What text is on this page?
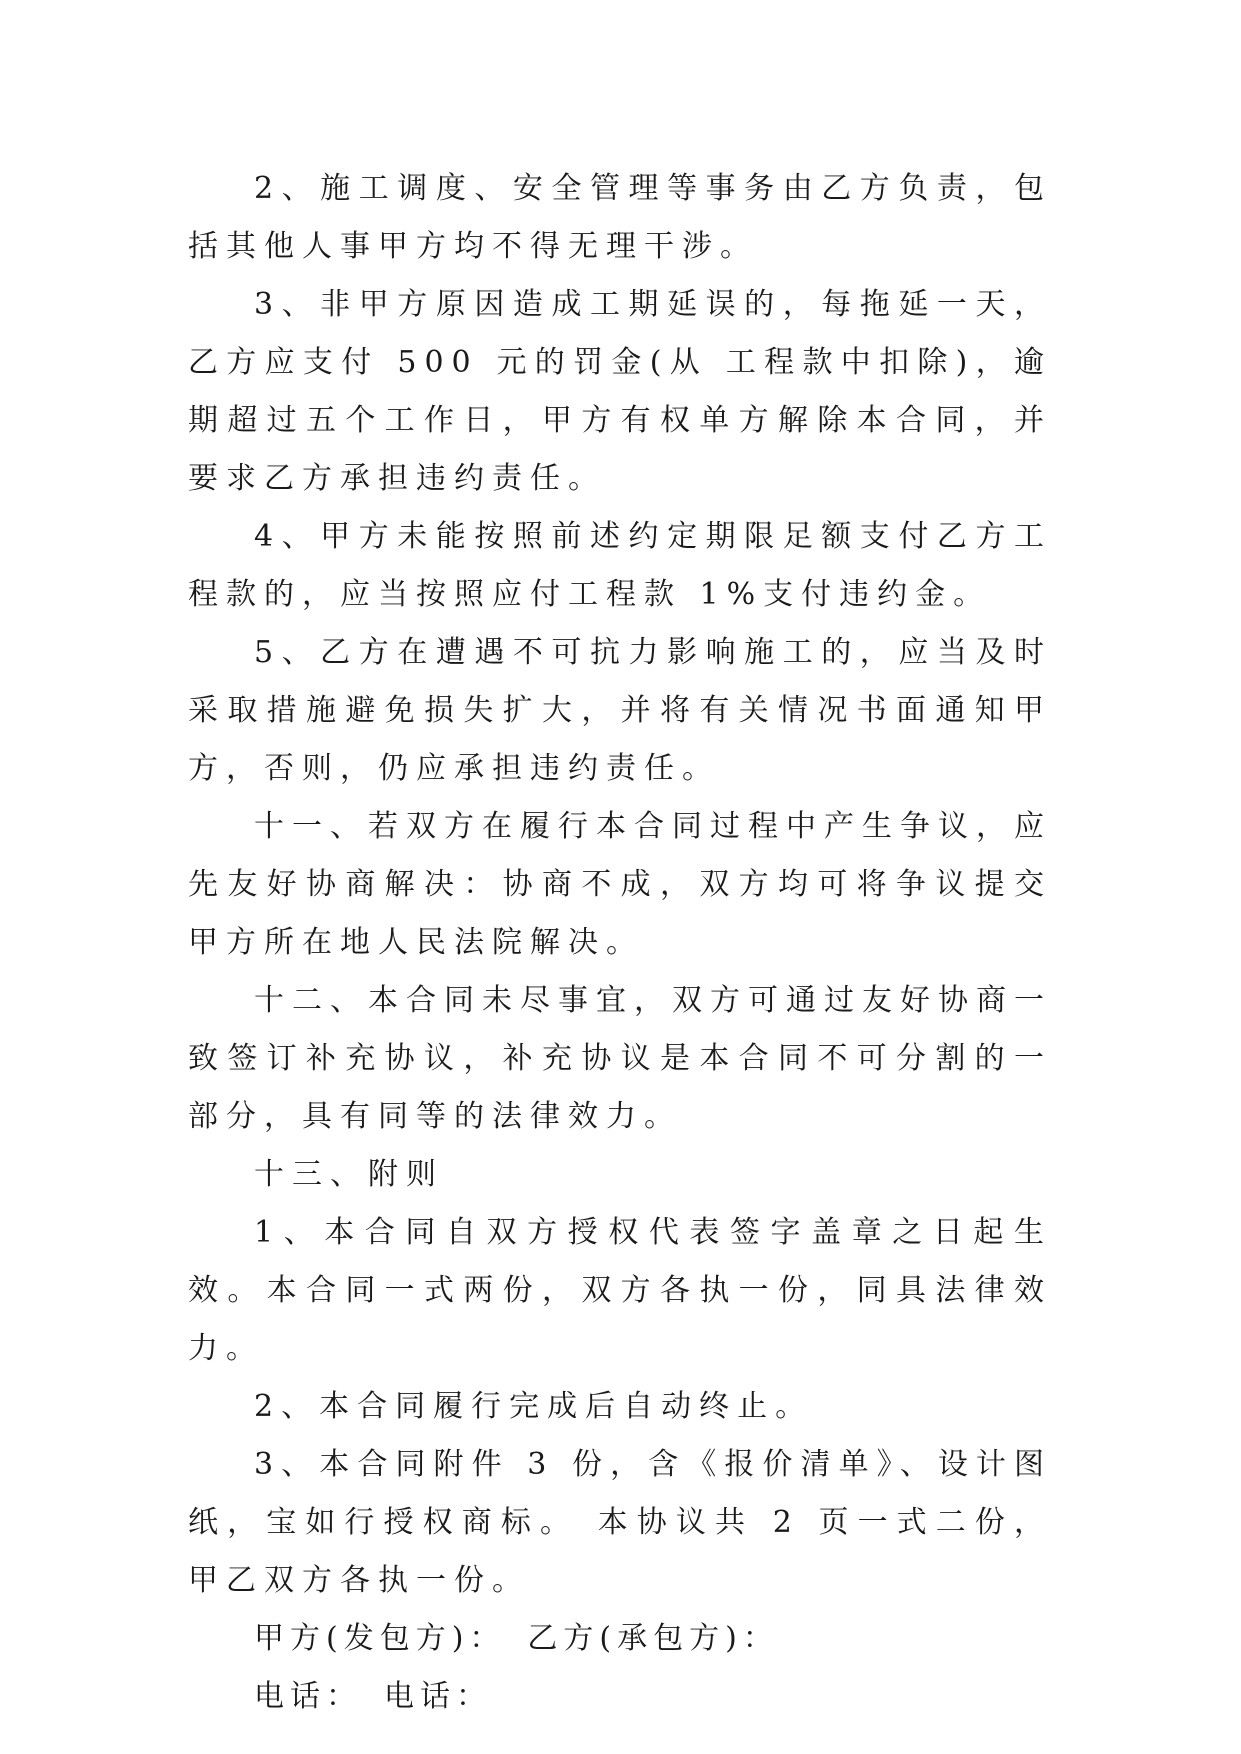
2、施工调度、安全管理等事务由乙方负责，包括其他人事甲方均不得无理干涉。

3、非甲方原因造成工期延误的，每拖延一天，乙方应支付 500 元的罚金(从 工程款中扣除)，逾期超过五个工作日，甲方有权单方解除本合同，并要求乙方承担违约责任。

4、甲方未能按照前述约定期限足额支付乙方工程款的，应当按照应付工程款 1%支付违约金。

5、乙方在遭遇不可抗力影响施工的，应当及时采取措施避免损失扩大，并将有关情况书面通知甲方，否则，仍应承担违约责任。

十一、若双方在履行本合同过程中产生争议，应先友好协商解决：协商不成，双方均可将争议提交甲方所在地人民法院解决。

十二、本合同未尽事宜，双方可通过友好协商一致签订补充协议，补充协议是本合同不可分割的一部分，具有同等的法律效力。

十三、附则

1、本合同自双方授权代表签字盖章之日起生效。本合同一式两份，双方各执一份，同具法律效力。

2、本合同履行完成后自动终止。

3、本合同附件 3 份，含《报价清单》、设计图纸，宝如行授权商标。 本协议共 2 页一式二份，甲乙双方各执一份。

甲方(发包方)： 乙方(承包方)：
电话： 电话：
